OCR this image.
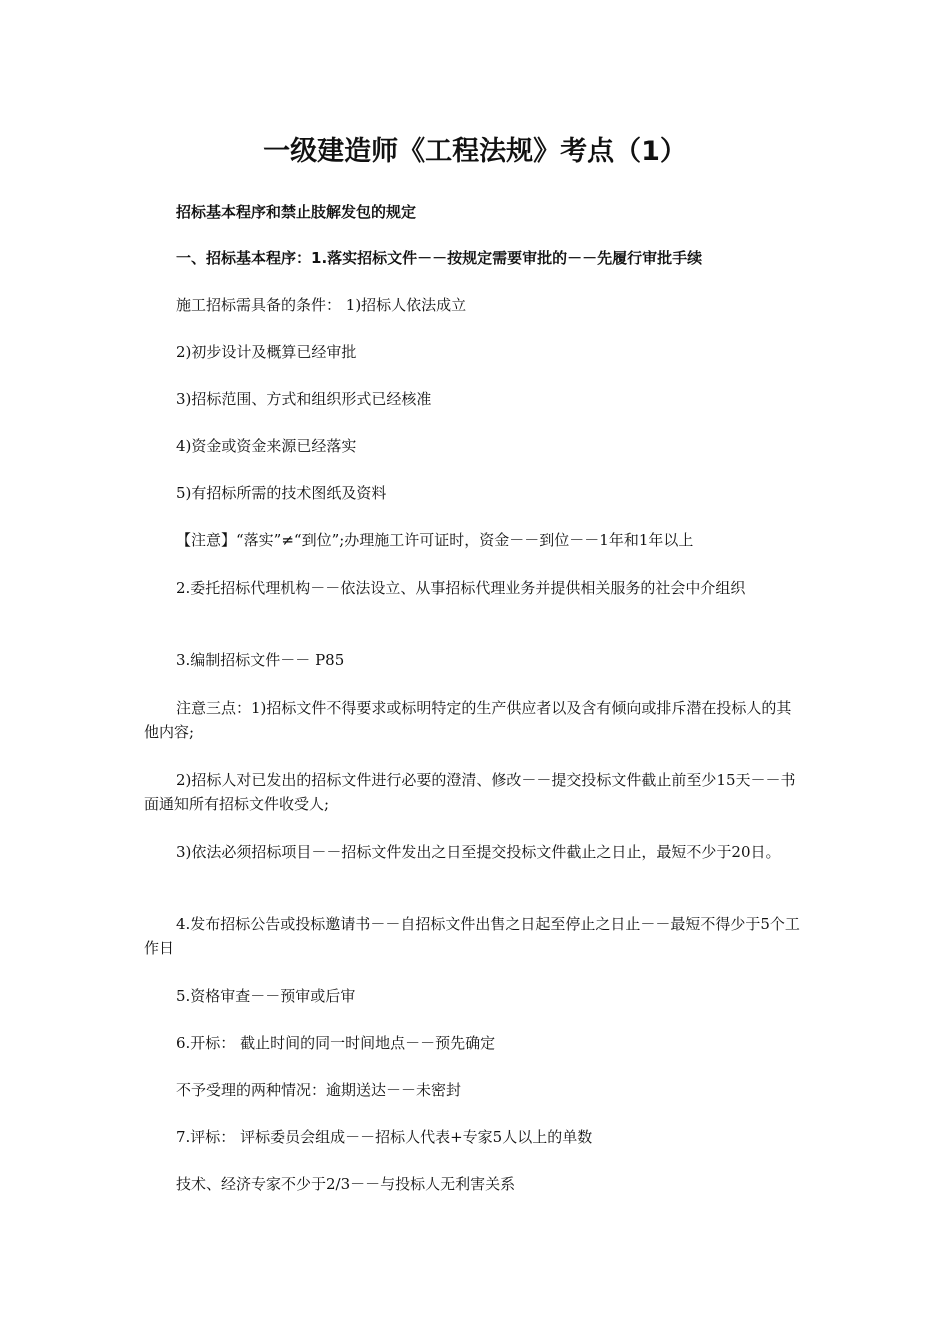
一级建造师《工程法规》考点（1）

招标基本程序和禁止肢解发包的规定

一、招标基本程序：1.落实招标文件－－按规定需要审批的－－先履行审批手续

施工招标需具备的条件： 1)招标人依法成立

2)初步设计及概算已经审批

3)招标范围、方式和组织形式已经核准

4)资金或资金来源已经落实

5)有招标所需的技术图纸及资料

【注意】“落实”≠“到位”;办理施工许可证时，资金－－到位－－1年和1年以上

2.委托招标代理机构－－依法设立、从事招标代理业务并提供相关服务的社会中介组织

3.编制招标文件－－ P85

注意三点：1)招标文件不得要求或标明特定的生产供应者以及含有倾向或排斥潜在投标人的其他内容;

2)招标人对已发出的招标文件进行必要的澄清、修改－－提交投标文件截止前至少15天－－书面通知所有招标文件收受人;

3)依法必须招标项目－－招标文件发出之日至提交投标文件截止之日止，最短不少于20日。

4.发布招标公告或投标邀请书－－自招标文件出售之日起至停止之日止－－最短不得少于5个工作日

5.资格审查－－预审或后审

6.开标： 截止时间的同一时间地点－－预先确定

不予受理的两种情况：逾期送达－－未密封

7.评标： 评标委员会组成－－招标人代表+专家5人以上的单数

技术、经济专家不少于2/3－－与投标人无利害关系
